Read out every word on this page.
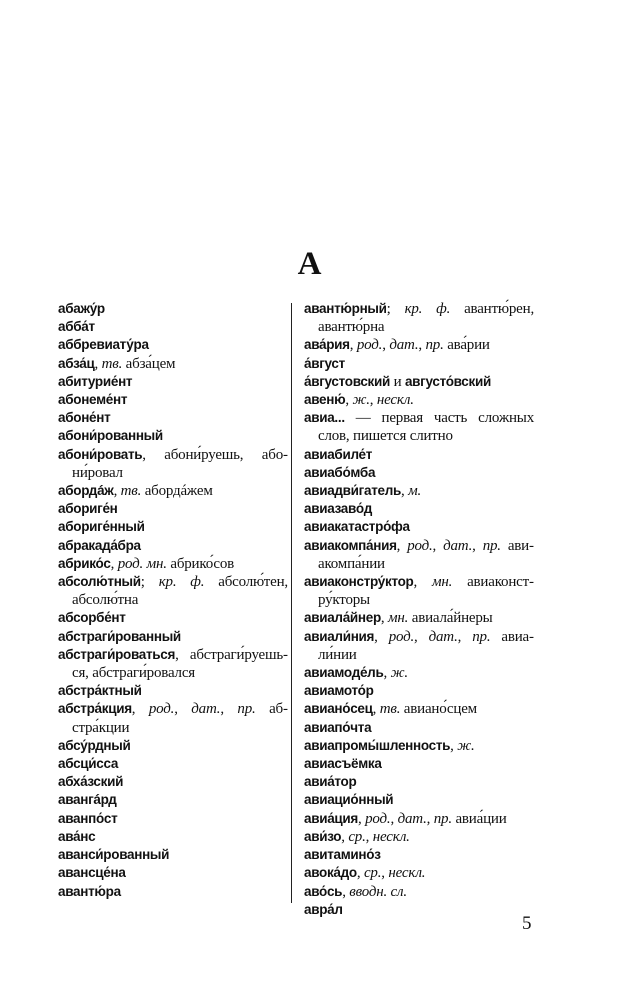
А

абажу́р

абба́т

аббревиату́ра

абза́ц, тв. абза́цем

абитурие́нт

абонеме́нт

абоне́нт

абони́рованный

абони́ровать, абони́руешь, абони́ровал

абордáж, тв. абордáжем

абориге́н

абориге́нный

абракада́бра

абрико́с, род. мн. абрико́сов

абсолю́тный; кр. ф. абсолю́тен, абсолю́тна

абсорбе́нт

абстраги́рованный

абстраги́роваться, абстраги́руешься, абстраги́ровался

абстра́ктный

абстра́кция, род., дат., пр. абстра́кции

абсу́рдный

абсци́сса

абха́зский

авангáрд

аванпо́ст

ава́нс

аванси́рованный

авансце́на

авантю́ра

авантю́рный; кр. ф. авантю́рен, авантю́рна

ава́рия, род., дат., пр. ава́рии

а́вгуст

а́вгустовский и августо́вский

авеню́, ж., нескл.

авиа... — первая часть сложных слов, пишется слитно

авиабиле́т

авиабо́мба

авиадви́гатель, м.

авиазаво́д

авиакатастро́фа

авиакомпа́ния, род., дат., пр. авиакомпа́нии

авиаконстру́ктор, мн. авиаконстру́кторы

авиала́йнер, мн. авиала́йнеры

авиали́ния, род., дат., пр. авиали́нии

авиамоде́ль, ж.

авиамото́р

авиано́сец, тв. авиано́сцем

авиапо́чта

авиапромы́шленность, ж.

авиасъёмка

авиа́тор

авиацио́нный

авиа́ция, род., дат., пр. авиа́ции

ави́зо, ср., нескл.

авитамино́з

авока́до, ср., нескл.

аво́сь, вводн. сл.

авра́л

5
